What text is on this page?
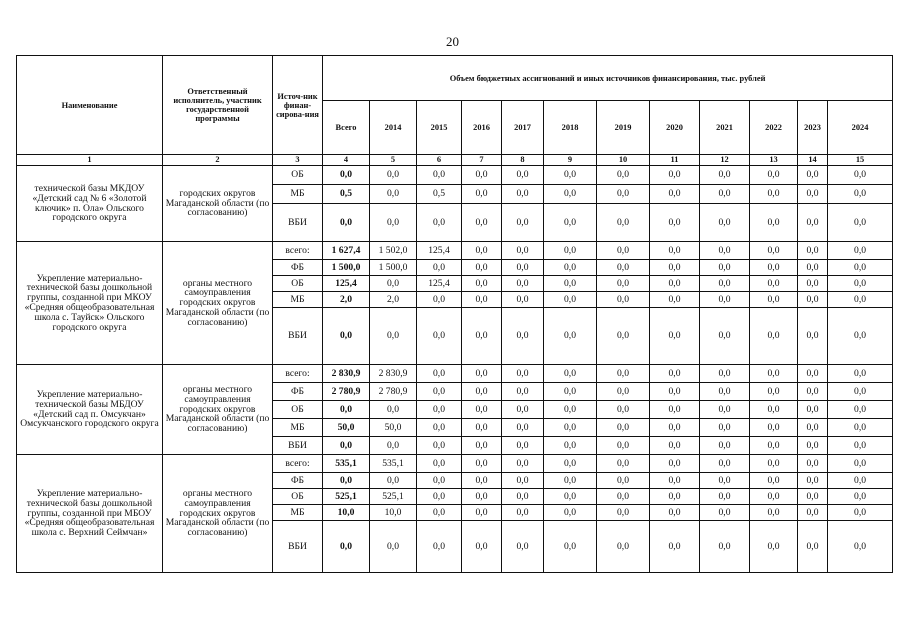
20
Наименование	Ответственный исполнитель, участник государственной программы	Источ-ник финан-сирова-ния	Объем бюджетных ассигнований и иных источников финансирования, тыс. рублей											
			Всего	2014	2015	2016	2017	2018	2019	2020	2021	2022	2023	2024
1	2	3	4	5	6	7	8	9	10	11	12	13	14	15
технической базы МКДОУ «Детский сад № 6 «Золотой ключик» п. Ола» Ольского городского округа	городских округов Магаданской области (по согласованию)	ОБ	0,0	0,0	0,0	0,0	0,0	0,0	0,0	0,0	0,0	0,0	0,0	0,0
		МБ	0,5	0,0	0,5	0,0	0,0	0,0	0,0	0,0	0,0	0,0	0,0	0,0
		ВБИ	0,0	0,0	0,0	0,0	0,0	0,0	0,0	0,0	0,0	0,0	0,0	0,0
Укрепление материально-технической базы дошкольной группы, созданной при МКОУ «Средняя общеобразовательная школа с. Тауйск» Ольского городского округа	органы местного самоуправления городских округов Магаданской области (по согласованию)	всего:	1 627,4	1 502,0	125,4	0,0	0,0	0,0	0,0	0,0	0,0	0,0	0,0	0,0
		ФБ	1 500,0	1 500,0	0,0	0,0	0,0	0,0	0,0	0,0	0,0	0,0	0,0	0,0
		ОБ	125,4	0,0	125,4	0,0	0,0	0,0	0,0	0,0	0,0	0,0	0,0	0,0
		МБ	2,0	2,0	0,0	0,0	0,0	0,0	0,0	0,0	0,0	0,0	0,0	0,0
		ВБИ	0,0	0,0	0,0	0,0	0,0	0,0	0,0	0,0	0,0	0,0	0,0	0,0
Укрепление материально-технической базы МБДОУ «Детский сад п. Омсукчан» Омсукчанского городского округа	органы местного самоуправления городских округов Магаданской области (по согласованию)	всего:	2 830,9	2 830,9	0,0	0,0	0,0	0,0	0,0	0,0	0,0	0,0	0,0	0,0
		ФБ	2 780,9	2 780,9	0,0	0,0	0,0	0,0	0,0	0,0	0,0	0,0	0,0	0,0
		ОБ	0,0	0,0	0,0	0,0	0,0	0,0	0,0	0,0	0,0	0,0	0,0	0,0
		МБ	50,0	50,0	0,0	0,0	0,0	0,0	0,0	0,0	0,0	0,0	0,0	0,0
		ВБИ	0,0	0,0	0,0	0,0	0,0	0,0	0,0	0,0	0,0	0,0	0,0	0,0
Укрепление материально-технической базы дошкольной группы, созданной при МБОУ «Средняя общеобразовательная школа с. Верхний Сеймчан»	органы местного самоуправления городских округов Магаданской области (по согласованию)	всего:	535,1	535,1	0,0	0,0	0,0	0,0	0,0	0,0	0,0	0,0	0,0	0,0
		ФБ	0,0	0,0	0,0	0,0	0,0	0,0	0,0	0,0	0,0	0,0	0,0	0,0
		ОБ	525,1	525,1	0,0	0,0	0,0	0,0	0,0	0,0	0,0	0,0	0,0	0,0
		МБ	10,0	10,0	0,0	0,0	0,0	0,0	0,0	0,0	0,0	0,0	0,0	0,0
		ВБИ	0,0	0,0	0,0	0,0	0,0	0,0	0,0	0,0	0,0	0,0	0,0	0,0
